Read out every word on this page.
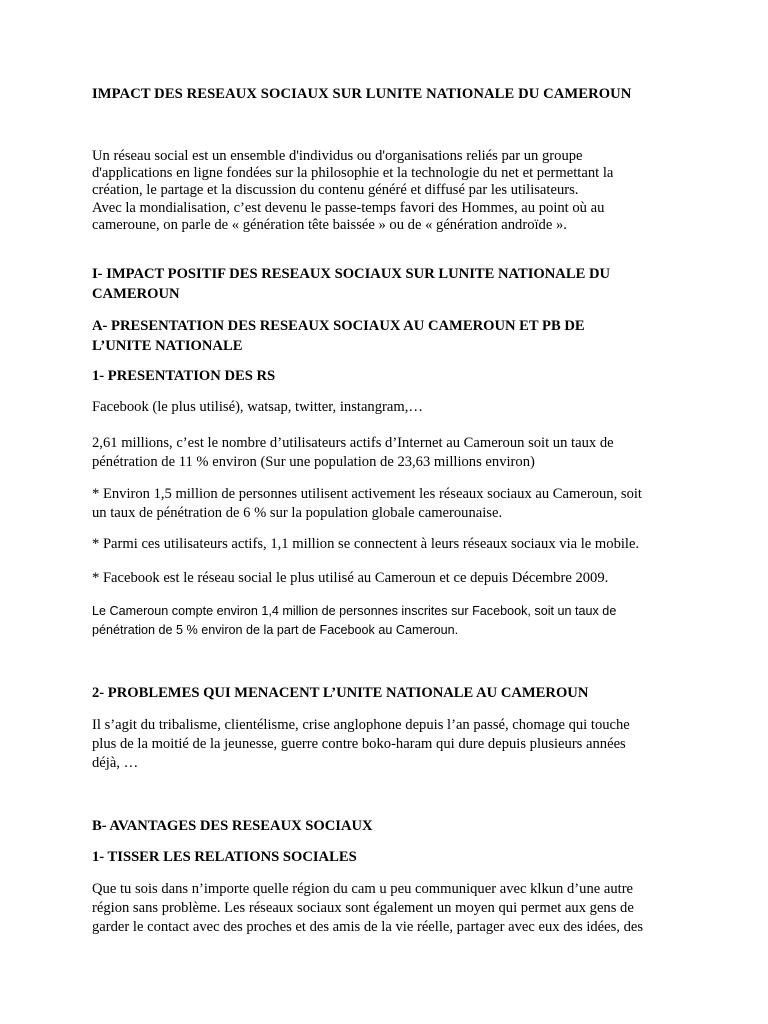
IMPACT DES RESEAUX SOCIAUX SUR LUNITE NATIONALE DU CAMEROUN

Un réseau social est un ensemble d'individus ou d'organisations reliés par un groupe
d'applications en ligne fondées sur la philosophie et la technologie du net et permettant la
création, le partage et la discussion du contenu généré et diffusé par les utilisateurs.
Avec la mondialisation, c’est devenu le passe-temps favori des Hommes, au point où au
cameroune, on parle de « génération tête baissée » ou de « génération androïde ».

I- IMPACT POSITIF DES RESEAUX SOCIAUX SUR LUNITE NATIONALE DU
CAMEROUN
A- PRESENTATION DES RESEAUX SOCIAUX AU CAMEROUN ET PB DE
L’UNITE NATIONALE
1- PRESENTATION DES RS

Facebook (le plus utilisé), watsap, twitter, instangram,…

2,61 millions, c’est le nombre d’utilisateurs actifs d’Internet au Cameroun soit un taux de
pénétration de 11 % environ (Sur une population de 23,63 millions environ)

* Environ 1,5 million de personnes utilisent activement les réseaux sociaux au Cameroun, soit
un taux de pénétration de 6 % sur la population globale camerounaise.

* Parmi ces utilisateurs actifs, 1,1 million se connectent à leurs réseaux sociaux via le mobile.

* Facebook est le réseau social le plus utilisé au Cameroun et ce depuis Décembre 2009.

Le Cameroun compte environ 1,4 million de personnes inscrites sur Facebook, soit un taux de
pénétration de 5 % environ de la part de Facebook au Cameroun.

2- PROBLEMES QUI MENACENT L’UNITE NATIONALE AU CAMEROUN

Il s’agit du tribalisme, clientélisme, crise anglophone depuis l’an passé, chomage qui touche
plus de la moitié de la jeunesse, guerre contre boko-haram qui dure depuis plusieurs années
déjà, …

B- AVANTAGES DES RESEAUX SOCIAUX
1- TISSER LES RELATIONS SOCIALES

Que tu sois dans n’importe quelle région du cam u peu communiquer avec klkun d’une autre
région sans problème. Les réseaux sociaux sont également un moyen qui permet aux gens de
garder le contact avec des proches et des amis de la vie réelle, partager avec eux des idées, des
